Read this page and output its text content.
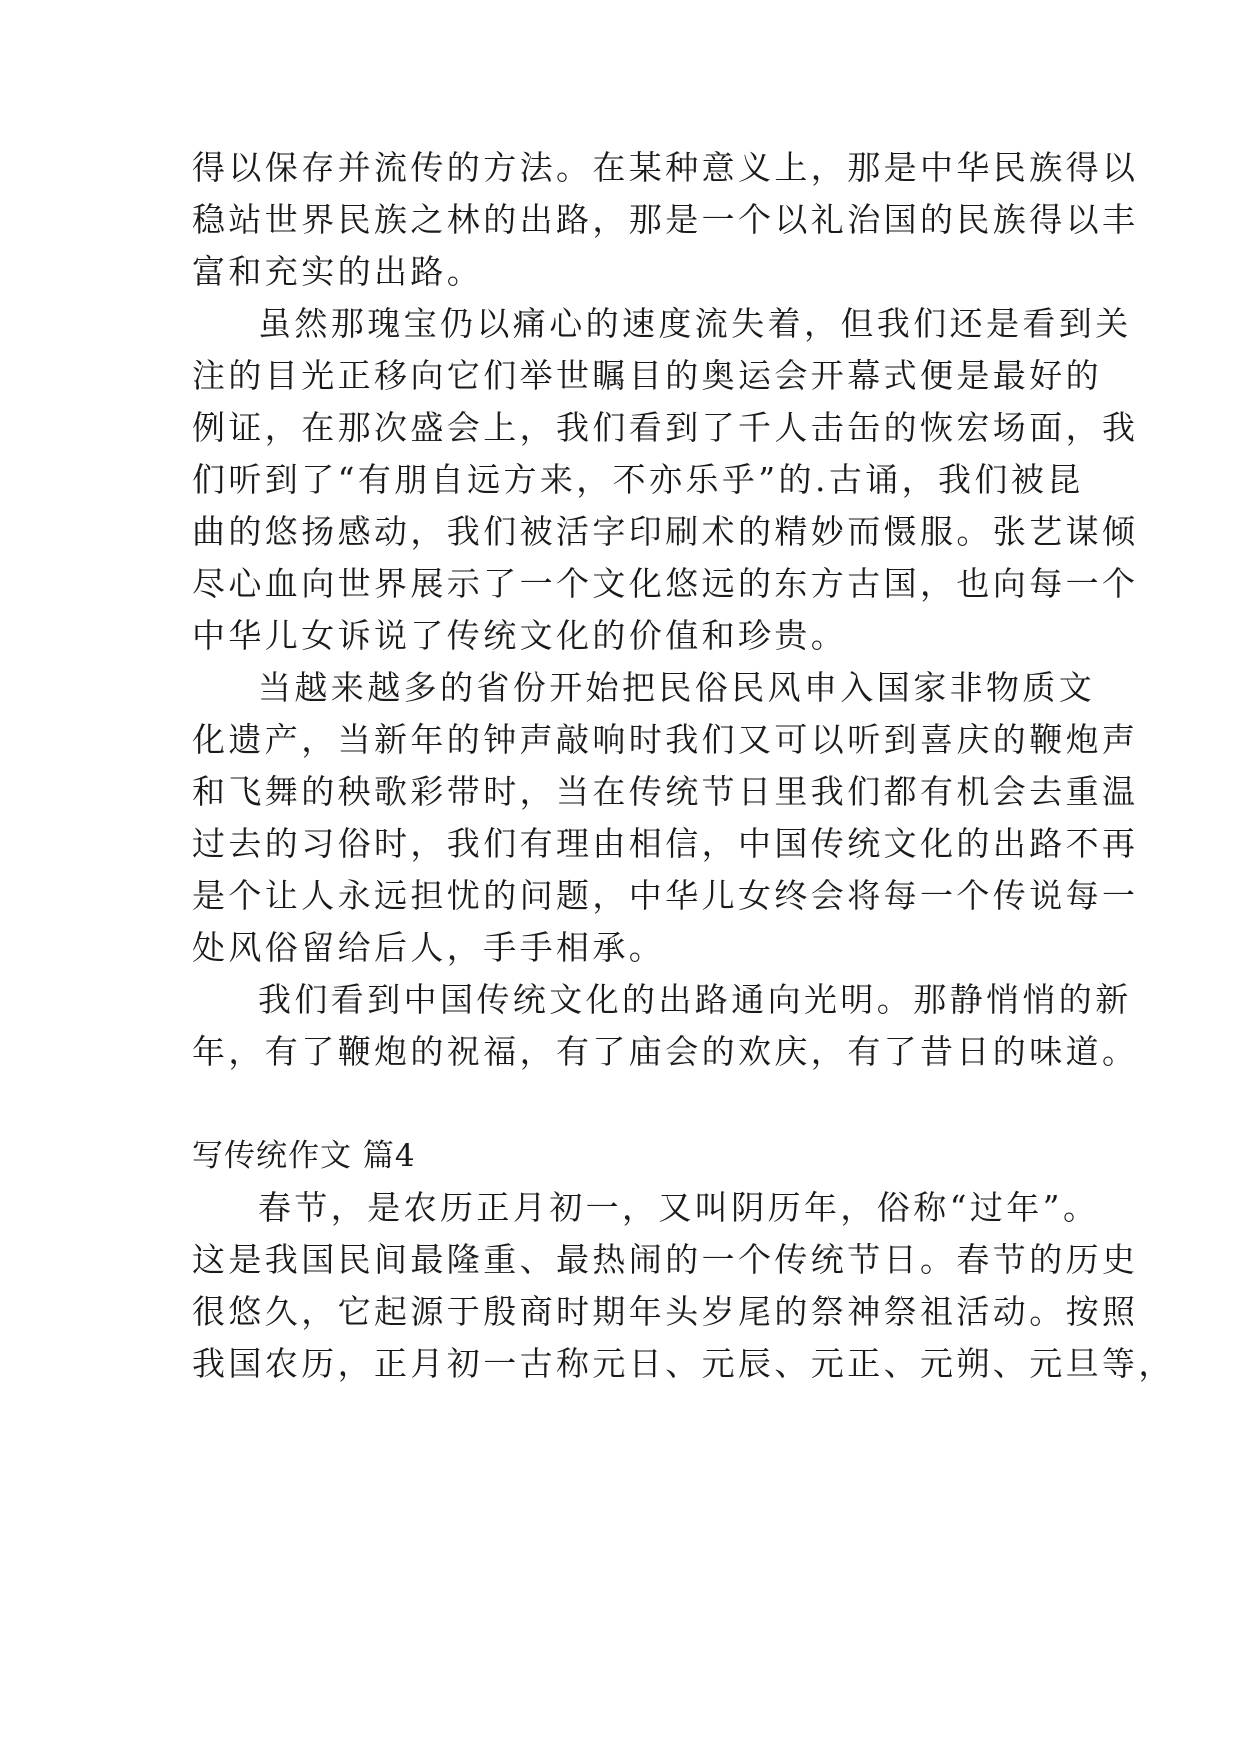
得以保存并流传的方法。在某种意义上，那是中华民族得以
稳站世界民族之林的出路，那是一个以礼治国的民族得以丰
富和充实的出路。
虽然那瑰宝仍以痛心的速度流失着，但我们还是看到关
注的目光正移向它们举世瞩目的奥运会开幕式便是最好的
例证，在那次盛会上，我们看到了千人击缶的恢宏场面，我
们听到了“有朋自远方来，不亦乐乎”的.古诵，我们被昆
曲的悠扬感动，我们被活字印刷术的精妙而慑服。张艺谋倾
尽心血向世界展示了一个文化悠远的东方古国，也向每一个
中华儿女诉说了传统文化的价值和珍贵。
当越来越多的省份开始把民俗民风申入国家非物质文
化遗产，当新年的钟声敲响时我们又可以听到喜庆的鞭炮声
和飞舞的秧歌彩带时，当在传统节日里我们都有机会去重温
过去的习俗时，我们有理由相信，中国传统文化的出路不再
是个让人永远担忧的问题，中华儿女终会将每一个传说每一
处风俗留给后人，手手相承。
我们看到中国传统文化的出路通向光明。那静悄悄的新
年，有了鞭炮的祝福，有了庙会的欢庆，有了昔日的味道。
写传统作文 篇4
春节，是农历正月初一，又叫阴历年，俗称“过年”。
这是我国民间最隆重、最热闹的一个传统节日。春节的历史
很悠久，它起源于殷商时期年头岁尾的祭神祭祖活动。按照
我国农历，正月初一古称元日、元辰、元正、元朔、元旦等，
